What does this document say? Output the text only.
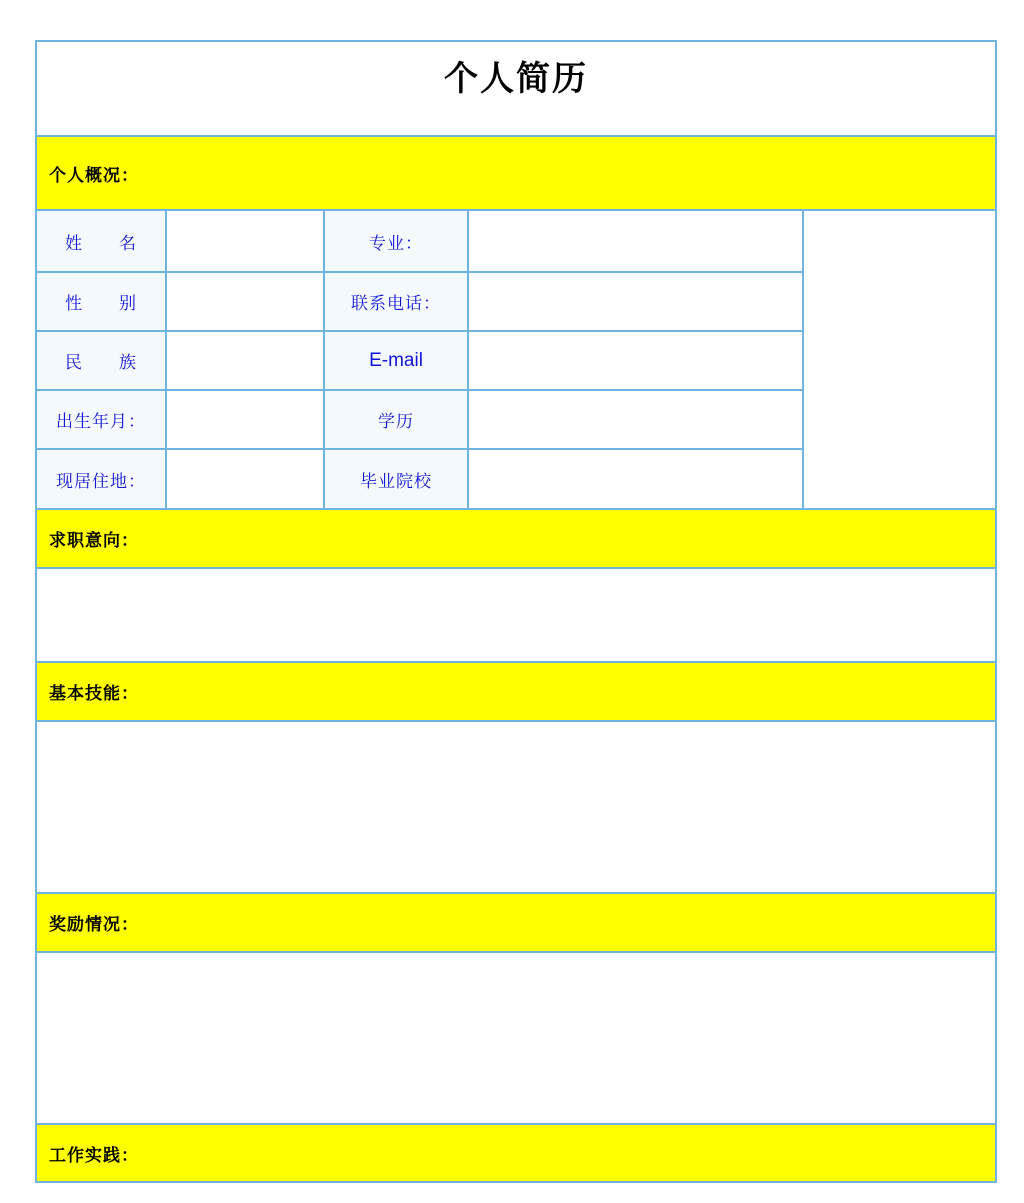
个人简历
个人概况：
姓　　名
性　　别
民　　族
出生年月：
现居住地：
专业：
联系电话：
E-mail
学历
毕业院校
求职意向：
基本技能：
奖励情况：
工作实践：
